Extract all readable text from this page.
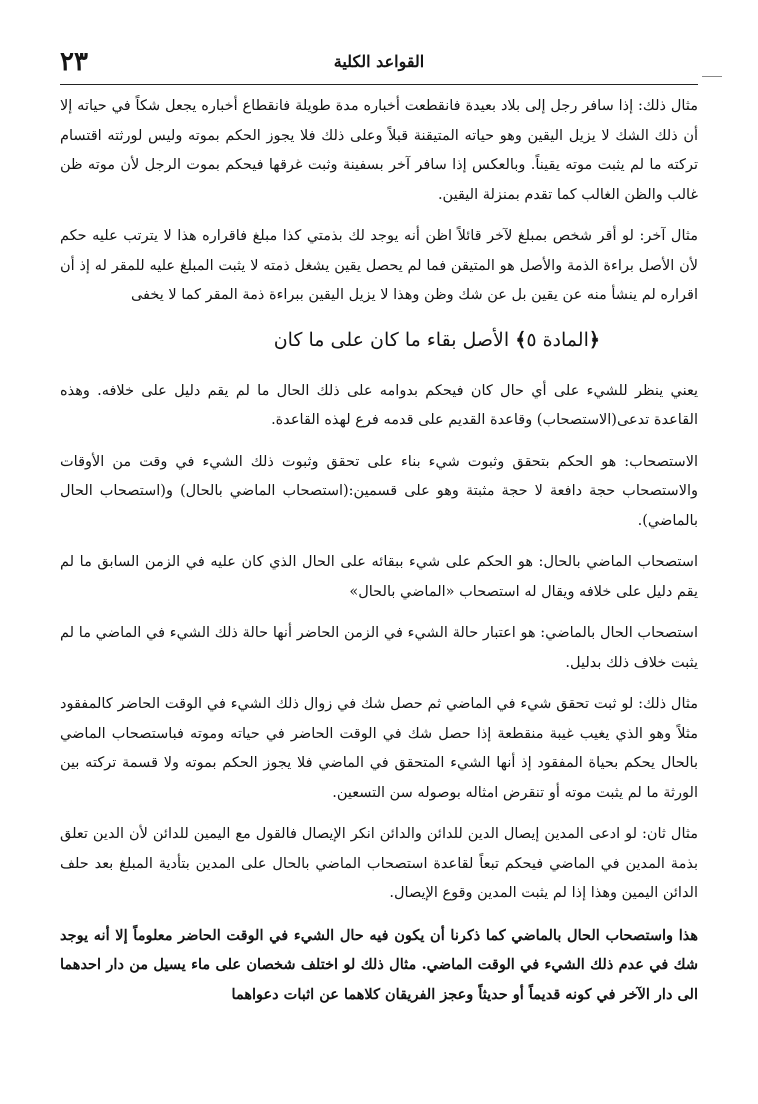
٢٣	القواعد الكلية

مثال ذلك: إذا سافر رجل إلى بلاد بعيدة فانقطعت أخباره مدة طويلة فانقطاع أخباره يجعل شكاً في حياته إلا أن ذلك الشك لا يزيل اليقين وهو حياته المتيقنة قبلاً وعلى ذلك فلا يجوز الحكم بموته وليس لورثته اقتسام تركته ما لم يثبت موته يقيناً. وبالعكس إذا سافر آخر بسفينة وثبت غرقها فيحكم بموت الرجل لأن موته ظن غالب والظن الغالب كما تقدم بمنزلة اليقين.

مثال آخر: لو أقر شخص بمبلغ لآخر قائلاً اظن أنه يوجد لك بذمتي كذا مبلغ فاقراره هذا لا يترتب عليه حكم لأن الأصل براءة الذمة والأصل هو المتيقن فما لم يحصل يقين يشغل ذمته لا يثبت المبلغ عليه للمقر له إذ أن اقراره لم ينشأ منه عن يقين بل عن شك وظن وهذا لا يزيل اليقين ببراءة ذمة المقر كما لا يخفى

﴿المادة ٥﴾ الأصل بقاء ما كان على ما كان

يعني ينظر للشيء على أي حال كان فيحكم بدوامه على ذلك الحال ما لم يقم دليل على خلافه. وهذه القاعدة تدعى(الاستصحاب) وقاعدة القديم على قدمه فرع لهذه القاعدة.

الاستصحاب: هو الحكم بتحقق وثبوت شيء بناء على تحقق وثبوت ذلك الشيء في وقت من الأوقات والاستصحاب حجة دافعة لا حجة مثبتة وهو على قسمين:(استصحاب الماضي بالحال) و(استصحاب الحال بالماضي).

استصحاب الماضي بالحال: هو الحكم على شيء ببقائه على الحال الذي كان عليه في الزمن السابق ما لم يقم دليل على خلافه ويقال له استصحاب «الماضي بالحال»

استصحاب الحال بالماضي: هو اعتبار حالة الشيء في الزمن الحاضر أنها حالة ذلك الشيء في الماضي ما لم يثبت خلاف ذلك بدليل.

مثال ذلك: لو ثبت تحقق شيء في الماضي ثم حصل شك في زوال ذلك الشيء في الوقت الحاضر كالمفقود مثلاً وهو الذي يغيب غيبة منقطعة إذا حصل شك في الوقت الحاضر في حياته وموته فباستصحاب الماضي بالحال يحكم بحياة المفقود إذ أنها الشيء المتحقق في الماضي فلا يجوز الحكم بموته ولا قسمة تركته بين الورثة ما لم يثبت موته أو تنقرض امثاله بوصوله سن التسعين.

مثال ثان: لو ادعى المدين إيصال الدين للدائن والدائن انكر الإيصال فالقول مع اليمين للدائن لأن الدين تعلق بذمة المدين في الماضي فيحكم تبعاً لقاعدة استصحاب الماضي بالحال على المدين بتأدية المبلغ بعد حلف الدائن اليمين وهذا إذا لم يثبت المدين وقوع الإيصال.

هذا واستصحاب الحال بالماضي كما ذكرنا أن يكون فيه حال الشيء في الوقت الحاضر معلوماً إلا أنه يوجد شك في عدم ذلك الشيء في الوقت الماضي. مثال ذلك لو اختلف شخصان على ماء يسيل من دار احدهما الى دار الآخر في كونه قديماً أو حديثاً وعجز الفريقان كلاهما عن اثبات دعواهما
